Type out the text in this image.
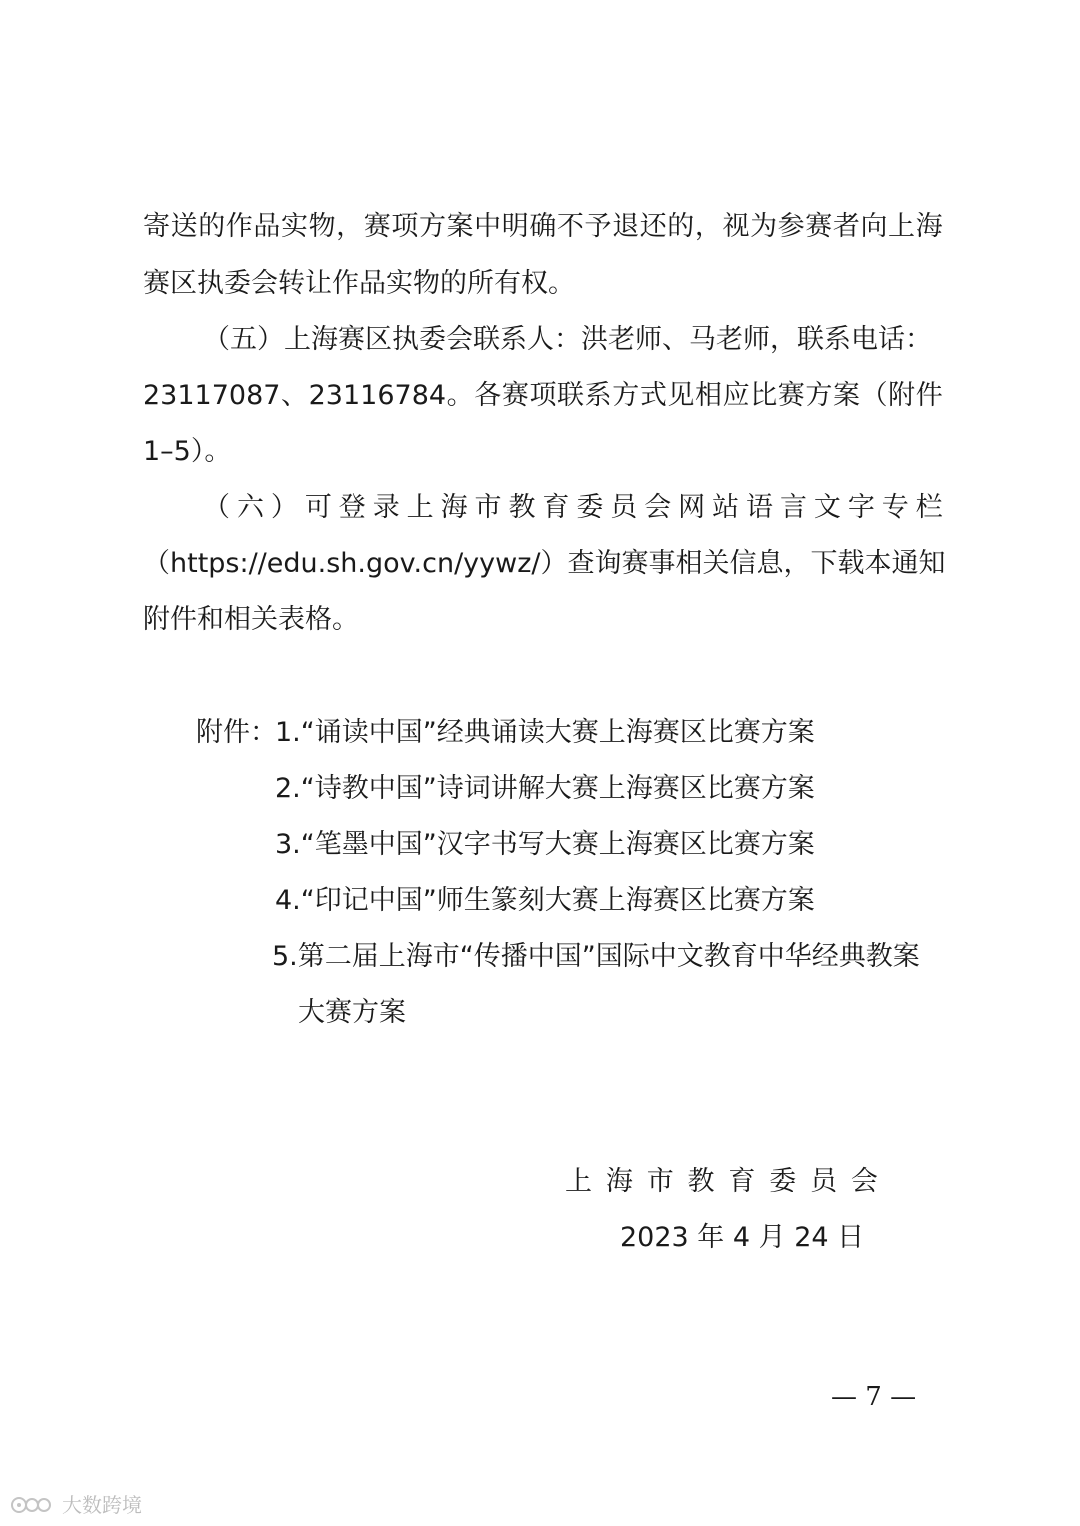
寄 送 的 作 品 实 物 ， 赛 项 方 案 中 明 确 不 予 退 还 的 ， 视 为 参 赛 者 向 上 海
赛区执委会转让作品实物的所有权。
（五）上海赛区执委会联系人：洪老师、马老师，联系电话：
23117087 、 23116784 。 各 赛 项 联 系 方 式 见 相 应 比 赛 方 案 （ 附 件
1–5）。
（ 六 ） 可 登 录 上 海 市 教 育 委 员 会 网 站 语 言 文 字 专 栏
（ https://edu.sh.gov.cn/yywz/ ） 查 询 赛 事 相 关 信 息 ， 下 载 本 通 知
附件和相关表格。
附件：
1.“诵读中国”经典诵读大赛上海赛区比赛方案
2.“诗教中国”诗词讲解大赛上海赛区比赛方案
3.“笔墨中国”汉字书写大赛上海赛区比赛方案
4.“印记中国”师生篆刻大赛上海赛区比赛方案
5.第二届上海市“传播中国”国际中文教育中华经典教案
大赛方案
上 海 市 教 育 委 员 会
2023 年 4 月 24 日
— 7 —
大数跨境
